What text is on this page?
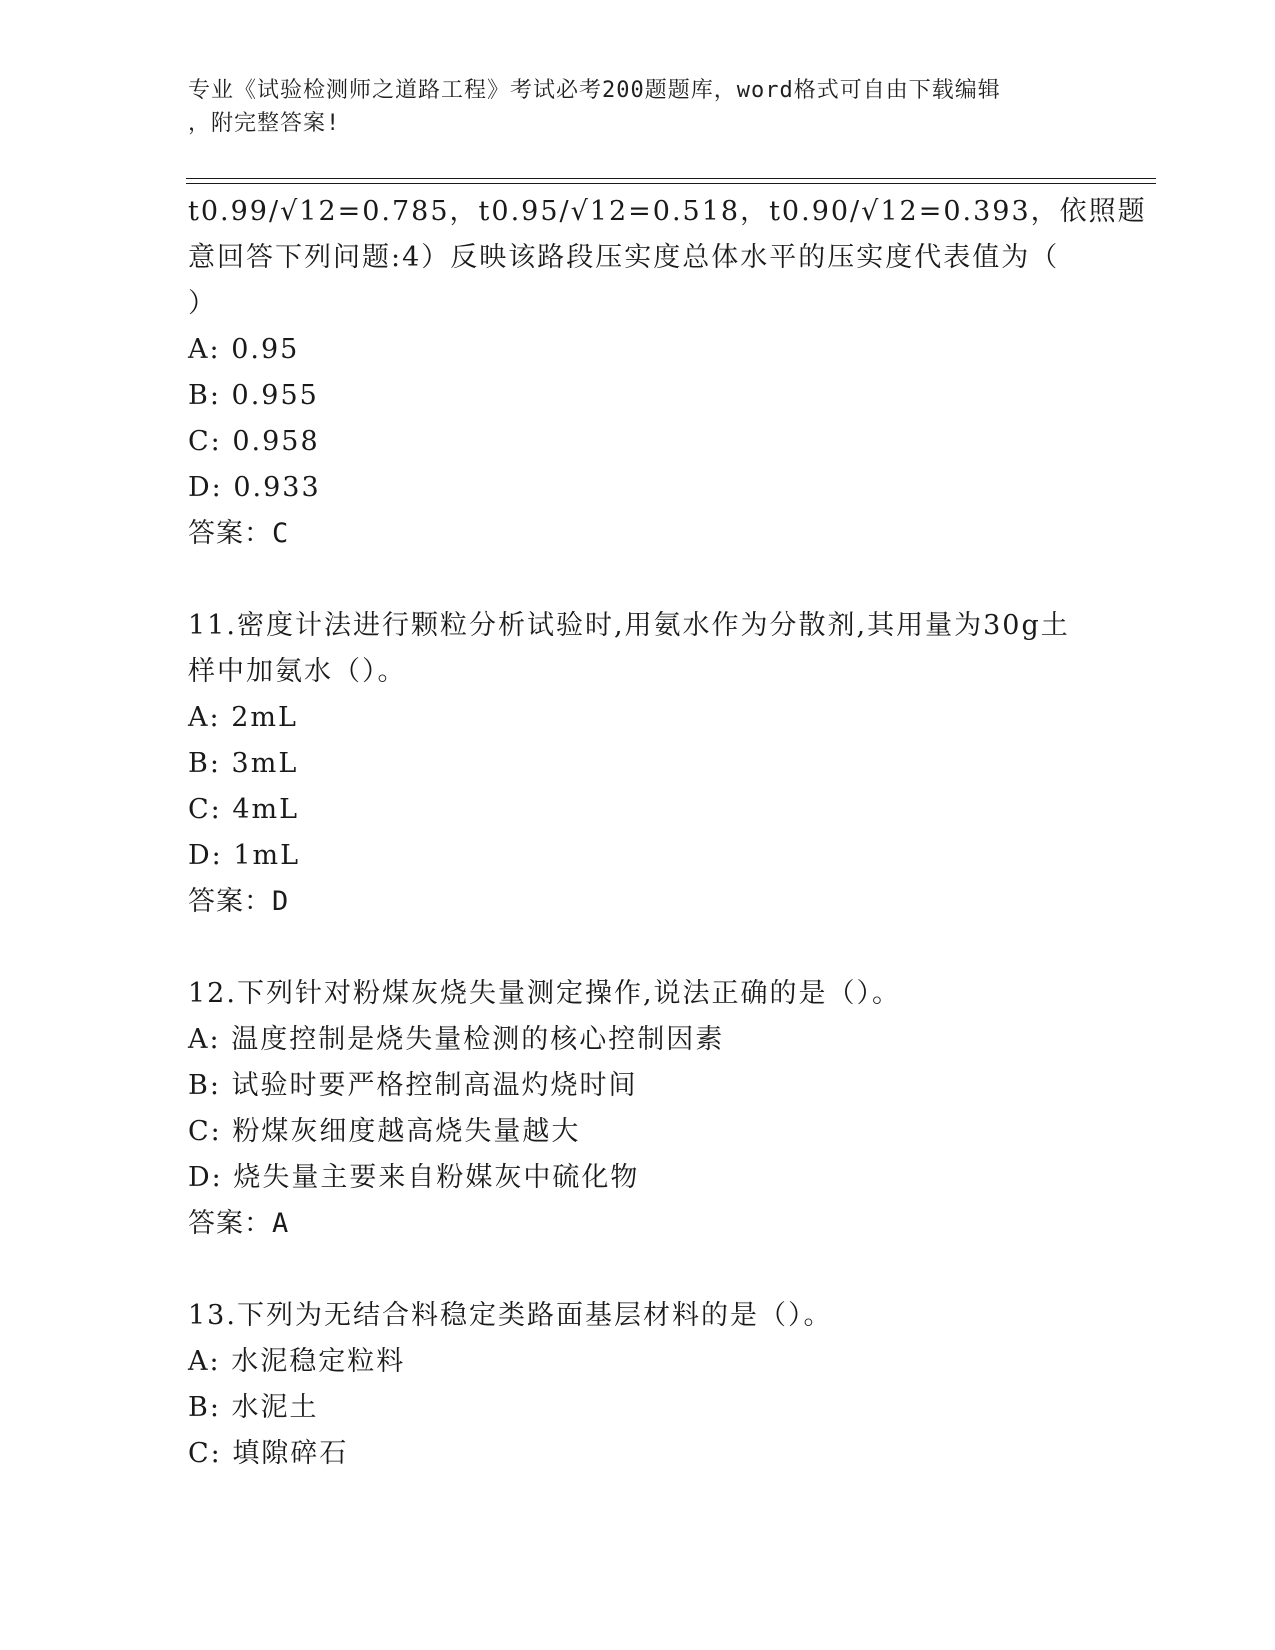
专业《试验检测师之道路工程》考试必考200题题库，word格式可自由下载编辑
，附完整答案!
t0.99/√12=0.785，t0.95/√12=0.518，t0.90/√12=0.393，依照题
意回答下列问题:4）反映该路段压实度总体水平的压实度代表值为（
）
A: 0.95
B: 0.955
C: 0.958
D: 0.933
答案：C
11.密度计法进行颗粒分析试验时,用氨水作为分散剂,其用量为30g土
样中加氨水（）。
A: 2mL
B: 3mL
C: 4mL
D: 1mL
答案：D
12.下列针对粉煤灰烧失量测定操作,说法正确的是（）。
A: 温度控制是烧失量检测的核心控制因素
B: 试验时要严格控制高温灼烧时间
C: 粉煤灰细度越高烧失量越大
D: 烧失量主要来自粉媒灰中硫化物
答案：A
13.下列为无结合料稳定类路面基层材料的是（）。
A: 水泥稳定粒料
B: 水泥土
C: 填隙碎石
